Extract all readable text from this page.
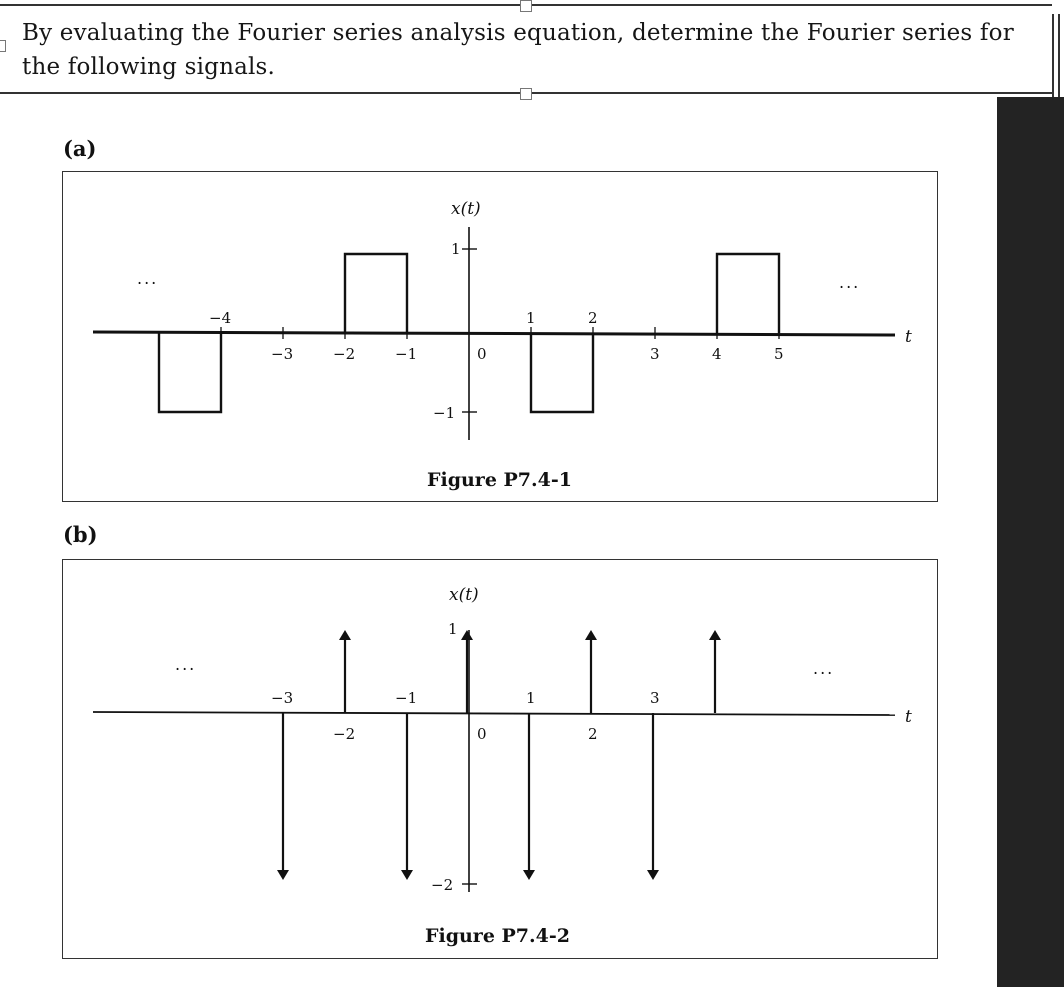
By evaluating the Fourier series analysis equation, determine the Fourier series for the following signals.
(a)
−4
−3	−2	−1	0
1	2
3	4	5
1
−1
x(t)
t
...	...
Figure P7.4-1
(b)
−3
−2
−1
0
1
2
3
1
−2
x(t)
t
...	...
Figure P7.4-2
